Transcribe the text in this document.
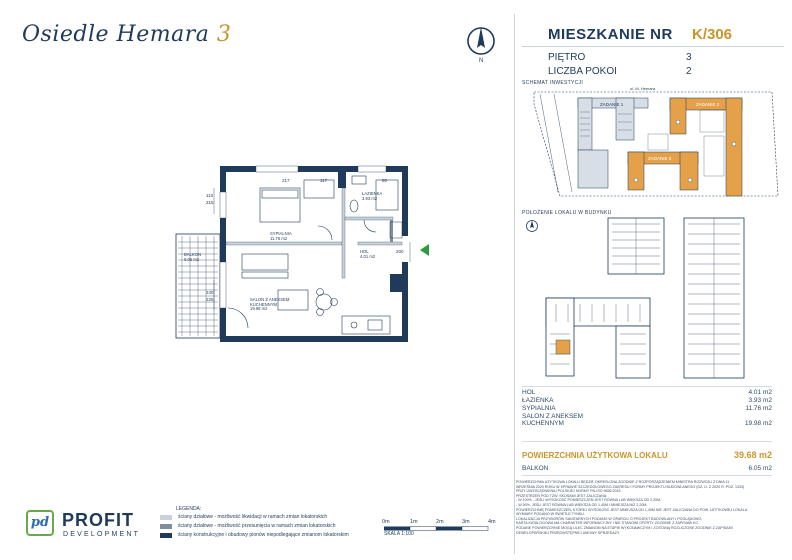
Osiedle Hemara 3
N
MIESZKANIE NR K/306
PIĘTRO	3
LICZBA POKOI	2
SCHEMAT INWESTYCJI
ul. M. Hemara
ZADANIE 1	ZADANIE 2
ZADANIE 3
POŁOŻENIE LOKALU W BUDYNKU
HOL	4.01 m2
ŁAZIENKA	3.93 m2
SYPIALNIA	11.76 m2
SALON Z ANEKSEM KUCHENNYM	19.98 m2
POWIERZCHNIA UŻYTKOWA LOKALU	39.68 m2
BALKON	6.05 m2

POWIERZCHNIA UŻYTKOWA LOKALU BĘDZIE OKREŚLONA ZGODNIE Z ROZPORZĄDZENIEM MINISTRA ROZWOJU Z DNIA 11

WRZEŚNIA 2020 ROKU W SPRAWIE SZCZEGÓŁOWEGO ZAKRESU I FORMY PROJEKTU BUDOWLANEGO (DZ. U. Z 2020 R. POZ. 1333)

PRZY UWZGLĘDNIENIU POLSKIEJ NORMY PN-ISO 9836:2015.

PRZESTRZEŃ POD TZW. SKOSAMI JEST ZALICZANA:

- W 100% , JEŚLI WYSOKOŚĆ POMIESZCZEŃ JEST RÓWNA LUB WIĘKSZA OD 2,20M,

- W 50%, JEŚLI JEST RÓWNA LUB WIĘKSZA OD 1,40M I MNIEJSZA NIŻ 2,20M.

POWIERZCHNIĘ POMIESZCZEŃ, KTÓREJ WYSOKOŚĆ JEST MNIEJSZA OD 1,40M NIE JEST ZALICZANA DO POW. UŻYTKOWEJ LOKALU

WYMIARY PODANO W ŚWIETLE TYNKU.

LOKALIZACJA PRZYBORÓW SANITARNYCH PODANO W OPARCIU O PROJEKT BUDOWLANY I POGLĄDOWO.

KARTA KATALOGOWA MA CHARAKTER INFORMACYJNY I NIE STANOWI OFERTY ZGODNIE Z ZAPISAMI KC.

PODANE POWIERZCHNIE MOGĄ ULEC ZMIANOM NA ETAPIE WYKONAWCZYM I ZOSTANĄ ROZLICZONE ZGODNIE Z ZAPISAMI

DEWELOPERSKIEJ PRZEDWSTĘPNEJ UMOWY SPRZEDAŻY.

ŁAZIENKA
3.93 m2
SYPIALNIA
11.76 m2
HOL
4.01 m2
BALKON
6.05 m2
SALON Z ANEKSEM
KUCHENNYM
19.98 m2
110
215
240
225
200
217	117	80
pd PROFIT
DEVELOPMENT
LEGENDA:
ściany działowe - możliwość likwidacji w ramach zmian lokatorskich
ściany działowe - możliwość przesunięcia w ramach zmian lokatorskich
ściany konstrukcyjne i obudowy pionów niepodlegające zmianom lokatorskim
0m	1m	2m	3m	4m
SKALA 1:100
